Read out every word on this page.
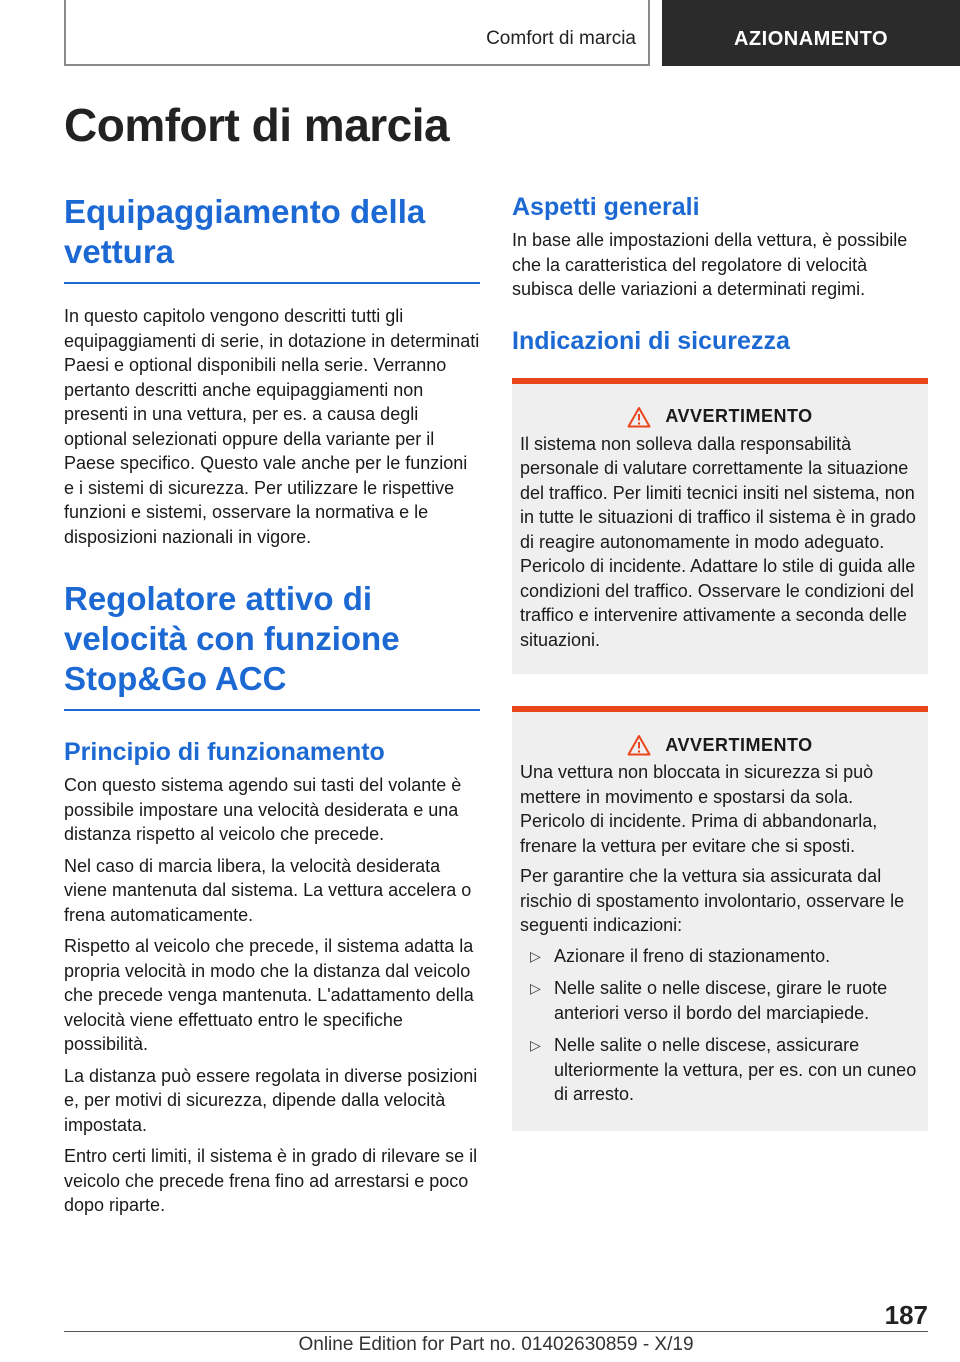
Comfort di marcia	AZIONAMENTO
Comfort di marcia
Equipaggiamento della vettura

In questo capitolo vengono descritti tutti gli equipaggiamenti di serie, in dotazione in determinati Paesi e optional disponibili nella serie. Verranno pertanto descritti anche equipaggiamenti non presenti in una vettura, per es. a causa degli optional selezionati oppure della variante per il Paese specifico. Questo vale anche per le funzioni e i sistemi di sicurezza. Per utilizzare le rispettive funzioni e sistemi, osservare la normativa e le disposizioni nazionali in vigore.

Regolatore attivo di velocità con funzione Stop&Go ACC
Principio di funzionamento

Con questo sistema agendo sui tasti del volante è possibile impostare una velocità desiderata e una distanza rispetto al veicolo che precede.

Nel caso di marcia libera, la velocità desiderata viene mantenuta dal sistema. La vettura accelera o frena automaticamente.

Rispetto al veicolo che precede, il sistema adatta la propria velocità in modo che la distanza dal veicolo che precede venga mantenuta. L'adattamento della velocità viene effettuato entro le specifiche possibilità.

La distanza può essere regolata in diverse posizioni e, per motivi di sicurezza, dipende dalla velocità impostata.

Entro certi limiti, il sistema è in grado di rilevare se il veicolo che precede frena fino ad arrestarsi e poco dopo riparte.

Aspetti generali

In base alle impostazioni della vettura, è possibile che la caratteristica del regolatore di velocità subisca delle variazioni a determinati regimi.

Indicazioni di sicurezza
AVVERTIMENTO

Il sistema non solleva dalla responsabilità personale di valutare correttamente la situazione del traffico. Per limiti tecnici insiti nel sistema, non in tutte le situazioni di traffico il sistema è in grado di reagire autonomamente in modo adeguato. Pericolo di incidente. Adattare lo stile di guida alle condizioni del traffico. Osservare le condizioni del traffico e intervenire attivamente a seconda delle situazioni.

AVVERTIMENTO

Una vettura non bloccata in sicurezza si può mettere in movimento e spostarsi da sola. Pericolo di incidente. Prima di abbandonarla, frenare la vettura per evitare che si sposti.

Per garantire che la vettura sia assicurata dal rischio di spostamento involontario, osservare le seguenti indicazioni:

▷ Azionare il freno di stazionamento.
▷ Nelle salite o nelle discese, girare le ruote anteriori verso il bordo del marciapiede.
▷ Nelle salite o nelle discese, assicurare ulteriormente la vettura, per es. con un cuneo di arresto.
187
Online Edition for Part no. 01402630859 - X/19
